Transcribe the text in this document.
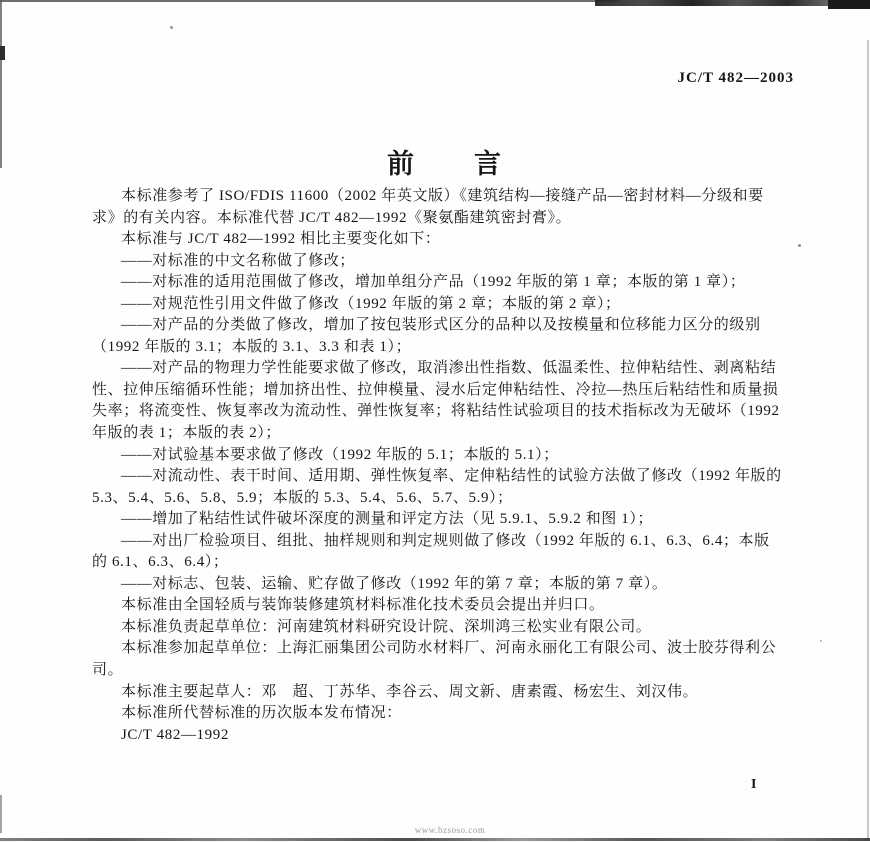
JC/T 482—2003
前　　言
本标准参考了 ISO/FDIS 11600（2002 年英文版）《建筑结构—接缝产品—密封材料—分级和要
求》的有关内容。本标准代替 JC/T 482—1992《聚氨酯建筑密封膏》。
本标准与 JC/T 482—1992 相比主要变化如下：
——对标准的中文名称做了修改；
——对标准的适用范围做了修改，增加单组分产品（1992 年版的第 1 章；本版的第 1 章）；
——对规范性引用文件做了修改（1992 年版的第 2 章；本版的第 2 章）；
——对产品的分类做了修改，增加了按包装形式区分的品种以及按模量和位移能力区分的级别
（1992 年版的 3.1；本版的 3.1、3.3 和表 1）；
——对产品的物理力学性能要求做了修改，取消渗出性指数、低温柔性、拉伸粘结性、剥离粘结
性、拉伸压缩循环性能；增加挤出性、拉伸模量、浸水后定伸粘结性、冷拉—热压后粘结性和质量损
失率；将流变性、恢复率改为流动性、弹性恢复率；将粘结性试验项目的技术指标改为无破坏（1992
年版的表 1；本版的表 2）；
——对试验基本要求做了修改（1992 年版的 5.1；本版的 5.1）；
——对流动性、表干时间、适用期、弹性恢复率、定伸粘结性的试验方法做了修改（1992 年版的
5.3、5.4、5.6、5.8、5.9；本版的 5.3、5.4、5.6、5.7、5.9）；
——增加了粘结性试件破坏深度的测量和评定方法（见 5.9.1、5.9.2 和图 1）；
——对出厂检验项目、组批、抽样规则和判定规则做了修改（1992 年版的 6.1、6.3、6.4；本版
的 6.1、6.3、6.4）；
——对标志、包装、运输、贮存做了修改（1992 年的第 7 章；本版的第 7 章）。
本标准由全国轻质与装饰装修建筑材料标准化技术委员会提出并归口。
本标准负责起草单位：河南建筑材料研究设计院、深圳鸿三松实业有限公司。
本标准参加起草单位：上海汇丽集团公司防水材料厂、河南永丽化工有限公司、波士胶芬得利公
司。
本标准主要起草人：邓　超、丁苏华、李谷云、周文新、唐素霞、杨宏生、刘汉伟。
本标准所代替标准的历次版本发布情况：
JC/T 482—1992
I
www.bzsoso.com
